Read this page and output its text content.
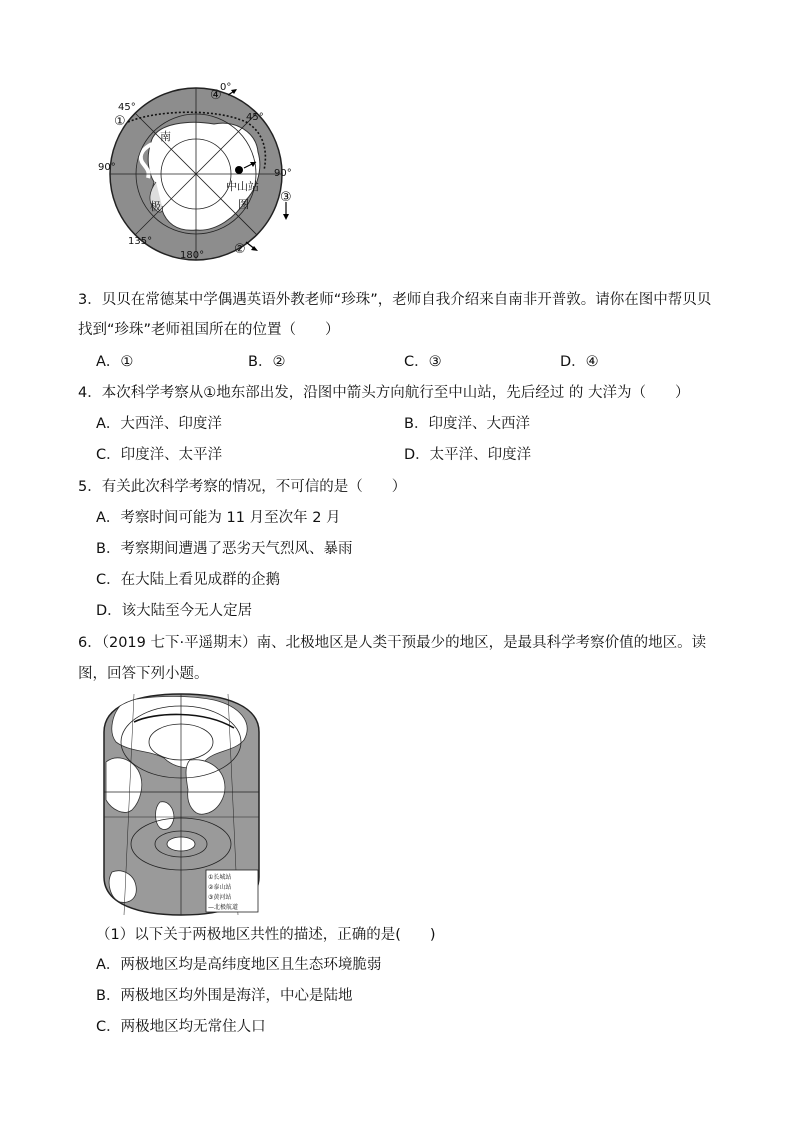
0°
45°
45°
90°
90°
135°
180°
①
②
③
④
南
极
中山站
图
3．贝贝在常德某中学偶遇英语外教老师“珍珠”，老师自我介绍来自南非开普敦。请你在图中帮贝贝
找到“珍珠”老师祖国所在的位置（　　）
A．①	B．②	C．③	D．④
4．本次科学考察从①地东部出发，沿图中箭头方向航行至中山站，先后经过 的 大洋为（　　）
A．大西洋、印度洋	B．印度洋、大西洋
C．印度洋、太平洋	D．太平洋、印度洋
5．有关此次科学考察的情况，不可信的是（　　）
A．考察时间可能为 11 月至次年 2 月
B．考察期间遭遇了恶劣天气烈风、暴雨
C．在大陆上看见成群的企鹅
D．该大陆至今无人定居
6．（2019 七下·平遥期末）南、北极地区是人类干预最少的地区，是最具科学考察价值的地区。读
图，回答下列小题。
①长城站
②泰山站
③黄河站
—北极航道
（1）以下关于两极地区共性的描述，正确的是(　　)
A．两极地区均是高纬度地区且生态环境脆弱
B．两极地区均外围是海洋，中心是陆地
C．两极地区均无常住人口
